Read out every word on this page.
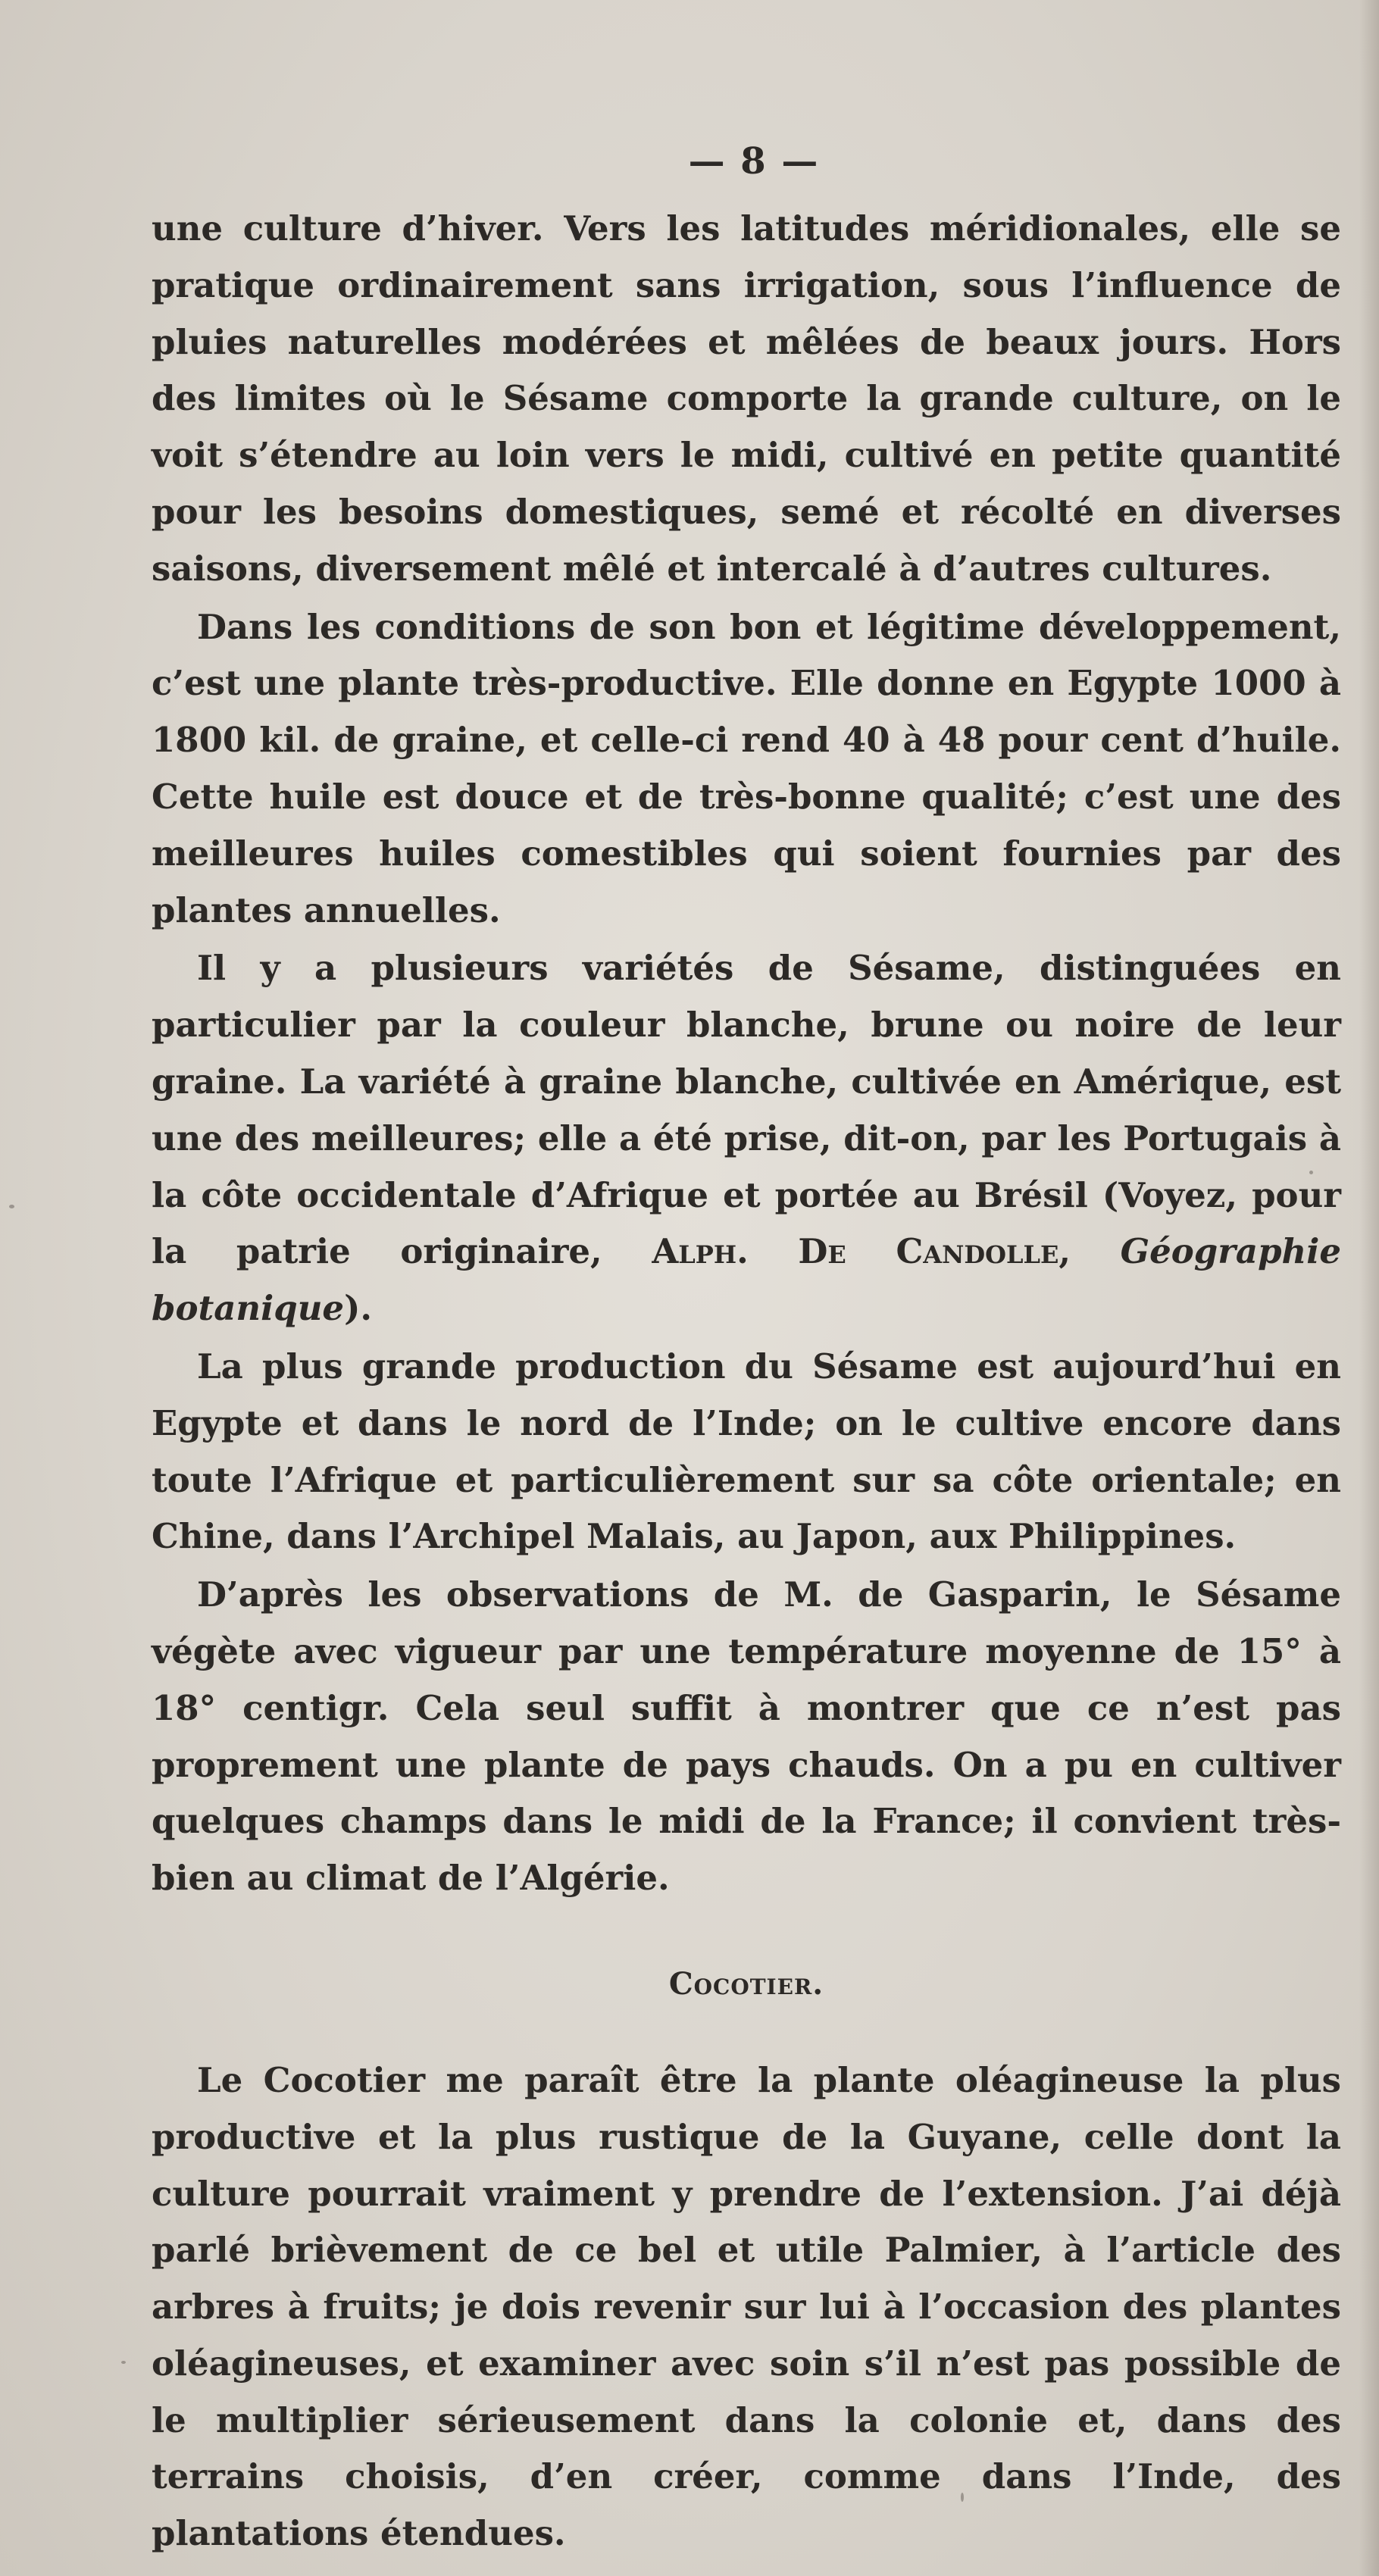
— 8 —

une culture d’hiver. Vers les latitudes méridionales, elle se pratique ordinairement sans irrigation, sous l’influence de pluies naturelles modérées et mêlées de beaux jours. Hors des limites où le Sésame comporte la grande culture, on le voit s’étendre au loin vers le midi, cultivé en petite quantité pour les besoins domestiques, semé et récolté en diverses saisons, diversement mêlé et intercalé à d’autres cultures.

Dans les conditions de son bon et légitime développement, c’est une plante très-productive. Elle donne en Egypte 1000 à 1800 kil. de graine, et celle-ci rend 40 à 48 pour cent d’huile. Cette huile est douce et de très-bonne qualité; c’est une des meilleures huiles comestibles qui soient fournies par des plantes annuelles.

Il y a plusieurs variétés de Sésame, distinguées en particulier par la couleur blanche, brune ou noire de leur graine. La variété à graine blanche, cultivée en Amérique, est une des meilleures; elle a été prise, dit-on, par les Portugais à la côte occidentale d’Afrique et portée au Brésil (Voyez, pour la patrie originaire, Alph. De Candolle, Géographie botanique).

La plus grande production du Sésame est aujourd’hui en Egypte et dans le nord de l’Inde; on le cultive encore dans toute l’Afrique et particulièrement sur sa côte orientale; en Chine, dans l’Archipel Malais, au Japon, aux Philippines.

D’après les observations de M. de Gasparin, le Sésame végète avec vigueur par une température moyenne de 15° à 18° centigr. Cela seul suffit à montrer que ce n’est pas proprement une plante de pays chauds. On a pu en cultiver quelques champs dans le midi de la France; il convient très-bien au climat de l’Algérie.

Cocotier.

Le Cocotier me paraît être la plante oléagineuse la plus productive et la plus rustique de la Guyane, celle dont la culture pourrait vraiment y prendre de l’extension. J’ai déjà parlé brièvement de ce bel et utile Palmier, à l’article des arbres à fruits; je dois revenir sur lui à l’occasion des plantes oléagineuses, et examiner avec soin s’il n’est pas possible de le multiplier sérieusement dans la colonie et, dans des terrains choisis, d’en créer, comme dans l’Inde, des plantations étendues.
